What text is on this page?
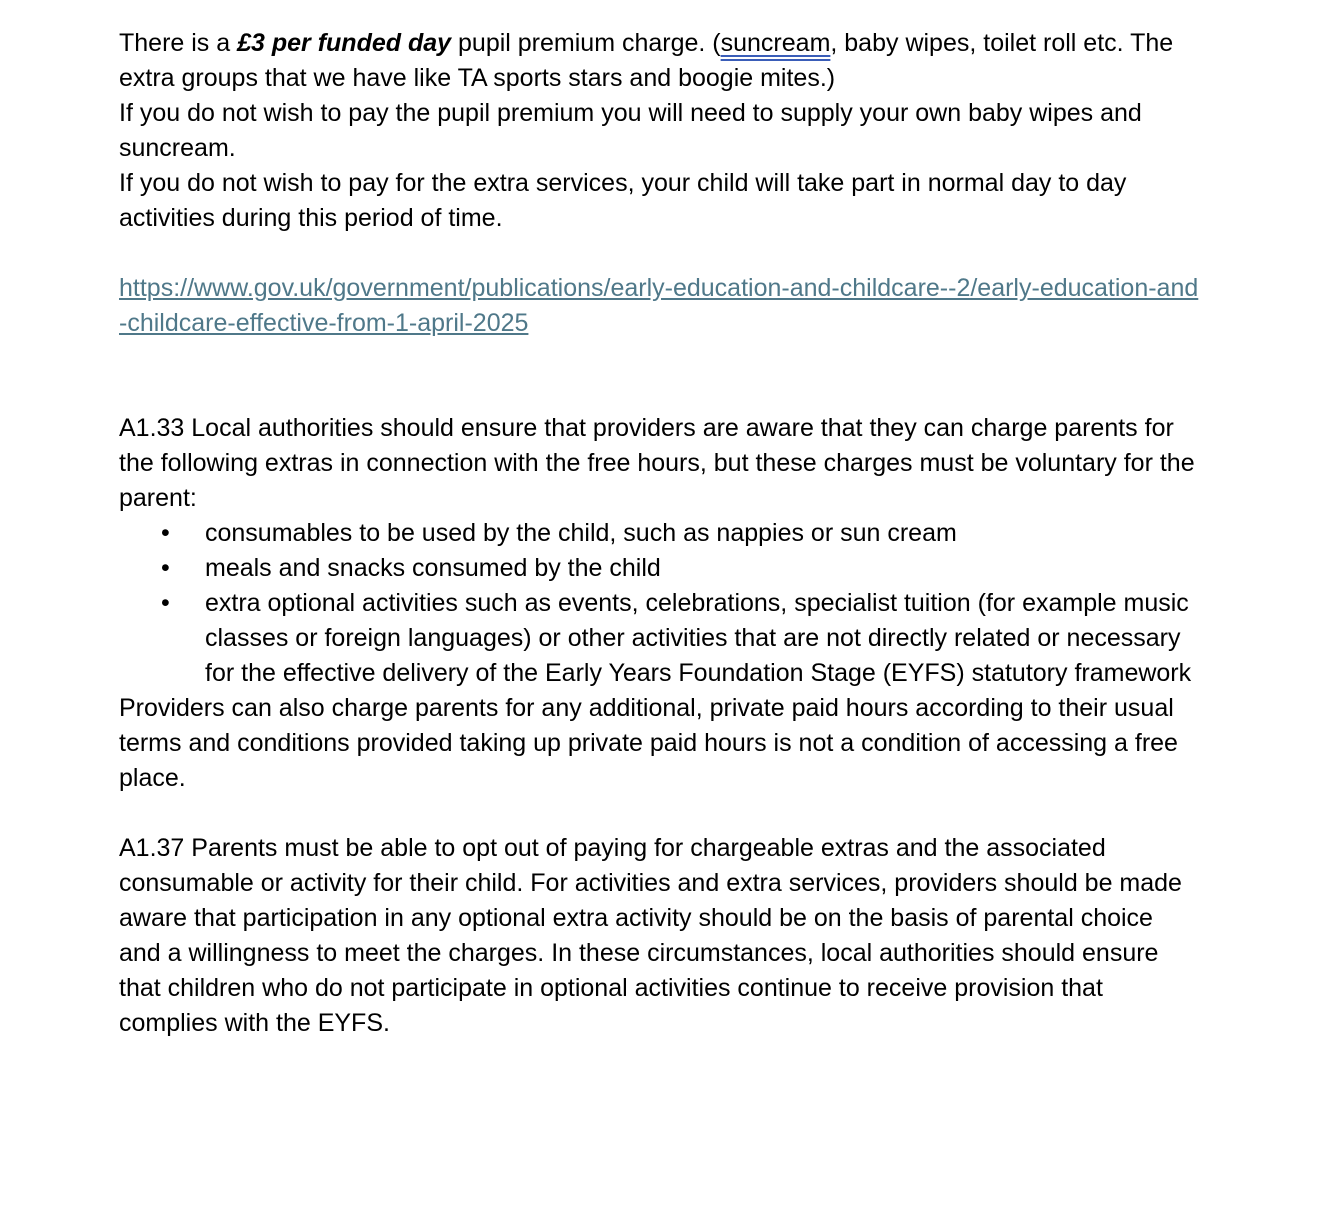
There is a £3 per funded day pupil premium charge. (suncream, baby wipes, toilet roll etc. The extra groups that we have like TA sports stars and boogie mites.)

If you do not wish to pay the pupil premium you will need to supply your own baby wipes and suncream.

If you do not wish to pay for the extra services, your child will take part in normal day to day activities during this period of time.

https://www.gov.uk/government/publications/early-education-and-childcare--2/early-education-and-childcare-effective-from-1-april-2025

A1.33 Local authorities should ensure that providers are aware that they can charge parents for the following extras in connection with the free hours, but these charges must be voluntary for the parent:

• consumables to be used by the child, such as nappies or sun cream
• meals and snacks consumed by the child
• extra optional activities such as events, celebrations, specialist tuition (for example music classes or foreign languages) or other activities that are not directly related or necessary for the effective delivery of the Early Years Foundation Stage (EYFS) statutory framework

Providers can also charge parents for any additional, private paid hours according to their usual terms and conditions provided taking up private paid hours is not a condition of accessing a free place.

A1.37 Parents must be able to opt out of paying for chargeable extras and the associated consumable or activity for their child. For activities and extra services, providers should be made aware that participation in any optional extra activity should be on the basis of parental choice and a willingness to meet the charges. In these circumstances, local authorities should ensure that children who do not participate in optional activities continue to receive provision that complies with the EYFS.
